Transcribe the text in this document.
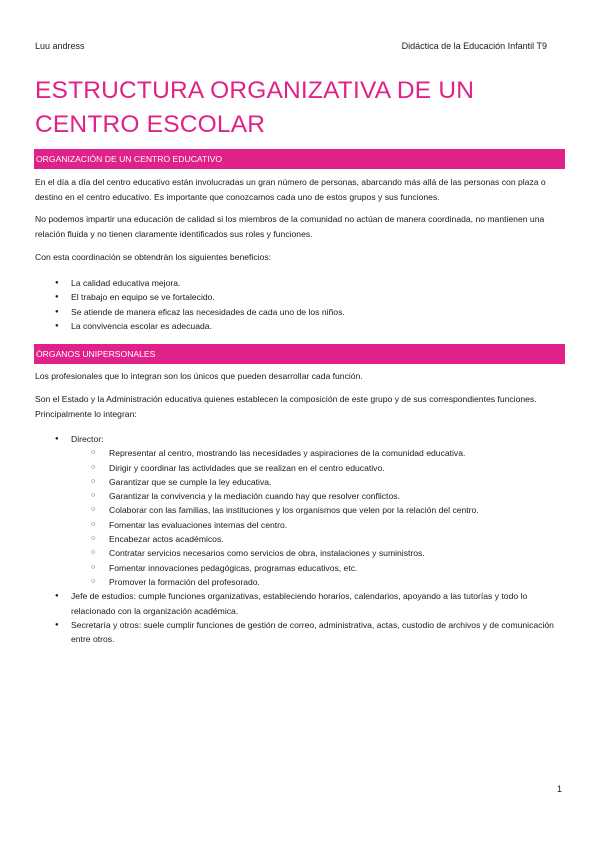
Luu andress	Didáctica de la Educación Infantil T9
ESTRUCTURA ORGANIZATIVA DE UN CENTRO ESCOLAR
ORGANIZACIÓN DE UN CENTRO EDUCATIVO

En el día a día del centro educativo están involucradas un gran número de personas, abarcando más allá de las personas con plaza o destino en el centro educativo. Es importante que conozcamos cada uno de estos grupos y sus funciones.

No podemos impartir una educación de calidad si los miembros de la comunidad no actúan de manera coordinada, no mantienen una relación fluida y no tienen claramente identificados sus roles y funciones.

Con esta coordinación se obtendrán los siguientes beneficios:

● La calidad educativa mejora.
● El trabajo en equipo se ve fortalecido.
● Se atiende de manera eficaz las necesidades de cada uno de los niños.
● La convivencia escolar es adecuada.
ÓRGANOS UNIPERSONALES

Los profesionales que lo integran son los únicos que pueden desarrollar cada función.

Son el Estado y la Administración educativa quienes establecen la composición de este grupo y de sus correspondientes funciones. Principalmente lo integran:

● Director:
○ Representar al centro, mostrando las necesidades y aspiraciones de la comunidad educativa.
○ Dirigir y coordinar las actividades que se realizan en el centro educativo.
○ Garantizar que se cumple la ley educativa.
○ Garantizar la convivencia y la mediación cuando hay que resolver conflictos.
○ Colaborar con las familias, las instituciones y los organismos que velen por la relación del centro.
○ Fomentar las evaluaciones internas del centro.
○ Encabezar actos académicos.
○ Contratar servicios necesarios como servicios de obra, instalaciones y suministros.
○ Fomentar innovaciones pedagógicas, programas educativos, etc.
○ Promover la formación del profesorado.
● Jefe de estudios: cumple funciones organizativas, estableciendo horarios, calendarios, apoyando a las tutorías y todo lo relacionado con la organización académica.
● Secretaría y otros: suele cumplir funciones de gestión de correo, administrativa, actas, custodio de archivos y de comunicación entre otros.
1
